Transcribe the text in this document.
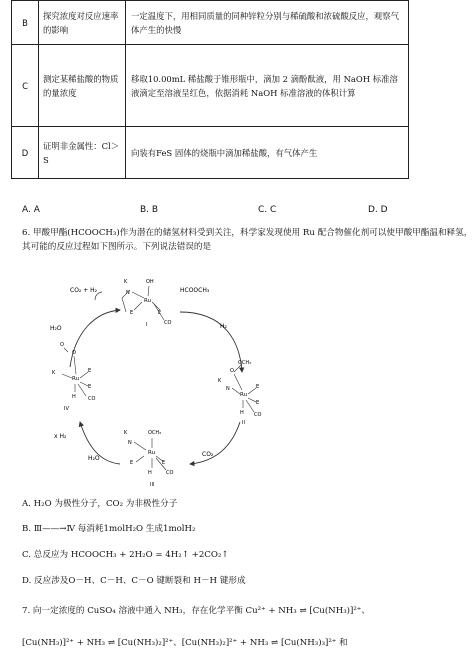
B	探究浓度对反应速率的影响	一定温度下，用相同质量的同种锌粒分别与稀硫酸和浓硫酸反应，观察气体产生的快慢
C	测定某稀盐酸的物质的量浓度	移取10.00mL 稀盐酸于锥形瓶中，滴加 2 滴酚酞液，用 NaOH 标准溶液滴定至溶液呈红色，依据消耗 NaOH 标准溶液的体积计算
D	证明非金属性：Cl＞S	向装有FeS 固体的烧瓶中滴加稀盐酸，有气体产生
A. A	B. B	C. C	D. D
6. 甲酸甲酯(HCOOCH₃)作为潜在的储氢材料受到关注，科学家发现使用 Ru 配合物催化剂可以使甲酸甲酯温和释氢，其可能的反应过程如下图所示。下列说法错误的是
CO₂ + H₂
H₂O
HCOOCH₃
H₂
CO₂
x H₂
H₂O
K	OH
N
Ru
E	E
CO
I
OCH₃
O
K
N
Ru
E
E
H CO
II
K	OCH₃
N
Ru
E	E
H	CO
III
O
O
K
Ru
E
E
H CO
IV
A. H₂O 为极性分子，CO₂ 为非极性分子
B. Ⅲ——→Ⅳ 每消耗1molH₂O 生成1molH₂
C. 总反应为 HCOOCH₃ + 2H₂O = 4H₂↑ +2CO₂↑
D. 反应涉及O－H、C－H、C－O 键断裂和 H－H 键形成
7. 向一定浓度的 CuSO₄ 溶液中通入 NH₃，存在化学平衡 Cu²⁺ + NH₃ ⇌ [Cu(NH₃)]²⁺、
[Cu(NH₃)]²⁺ + NH₃ ⇌ [Cu(NH₃)₂]²⁺、[Cu(NH₃)₂]²⁺ + NH₃ ⇌ [Cu(NH₃)₃]²⁺ 和
